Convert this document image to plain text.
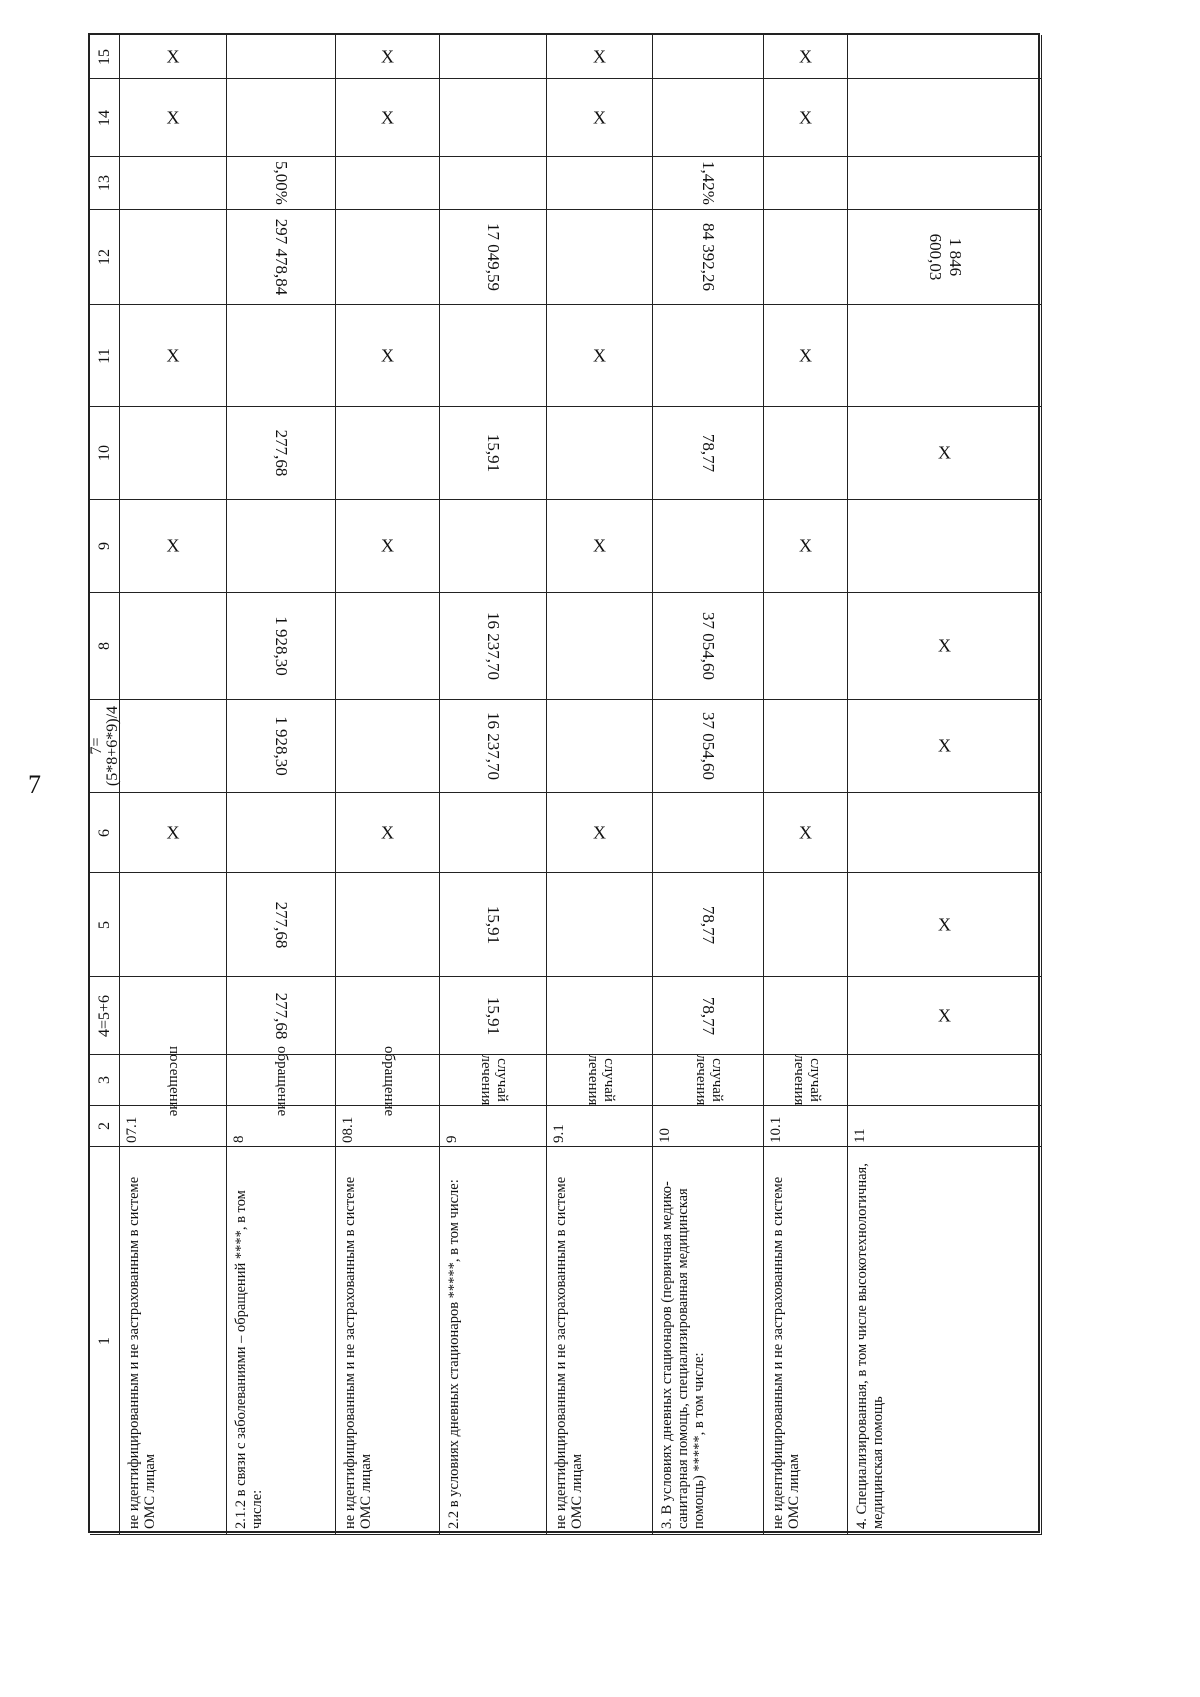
7
1
2
3
4=5+6
5
6
7=
(5*8+6*9)/4
8
9
10
11
12
13
14
15
не идентифицированным и не застрахованным в системе ОМС лицам
07.1
посещение
X
X
X
X
X
2.1.2 в связи с заболеваниями – обращений ****, в том числе:
8
обращение
277,68
277,68
1 928,30
1 928,30
277,68
297 478,84
5,00%
не идентифицированным и не застрахованным в системе ОМС лицам
08.1
обращение
X
X
X
X
X
2.2 в условиях дневных стационаров *****, в том числе:
9
случай лечения
15,91
15,91
16 237,70
16 237,70
15,91
17 049,59
не идентифицированным и не застрахованным в системе ОМС лицам
9.1
случай лечения
X
X
X
X
X
3. В условиях дневных стационаров (первичная медико-санитарная помощь, специализированная медицинская помощь) *****, в том числе:
10
случай лечения
78,77
78,77
37 054,60
37 054,60
78,77
84 392,26
1,42%
не идентифицированным и не застрахованным в системе ОМС лицам
10.1
случай лечения
X
X
X
X
X
4. Специализированная, в том числе высокотехнологичная, медицинская помощь
11
X
X
X
X
X
1 846 600,03
